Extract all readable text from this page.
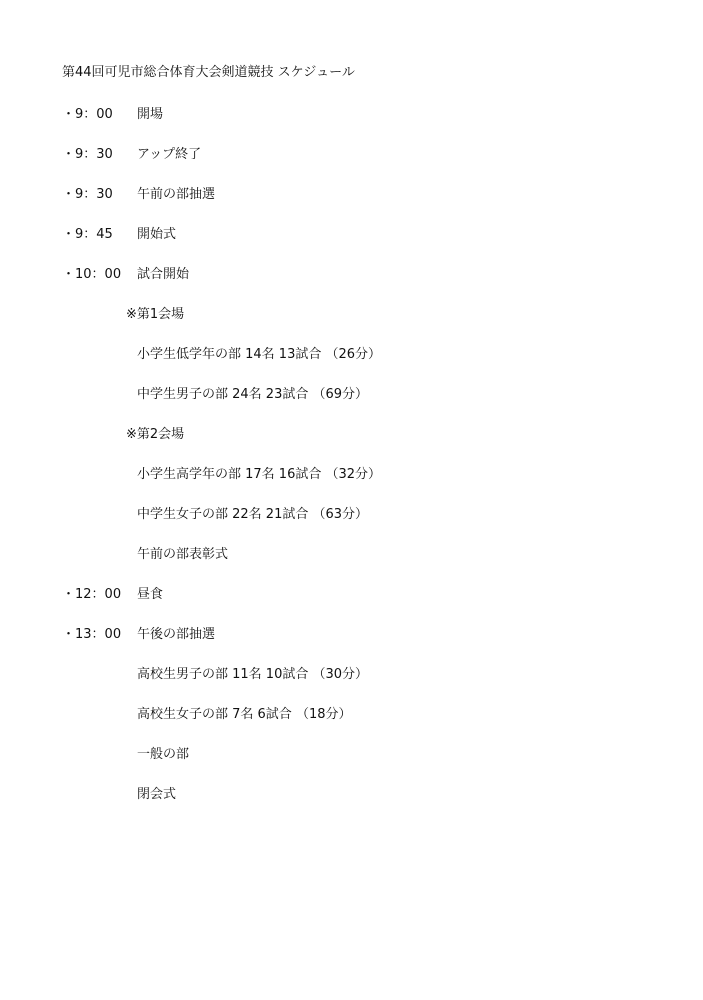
第44回可児市総合体育大会剣道競技 スケジュール
・9：00 開場
・9：30 アップ終了
・9：30 午前の部抽選
・9：45 開始式
・10：00 試合開始
※第1会場
小学生低学年の部 14名 13試合 （26分）
中学生男子の部 24名 23試合 （69分）
※第2会場
小学生高学年の部 17名 16試合 （32分）
中学生女子の部 22名 21試合 （63分）
午前の部表彰式
・12：00 昼食
・13：00 午後の部抽選
高校生男子の部 11名 10試合 （30分）
高校生女子の部 7名 6試合 （18分）
一般の部
閉会式
